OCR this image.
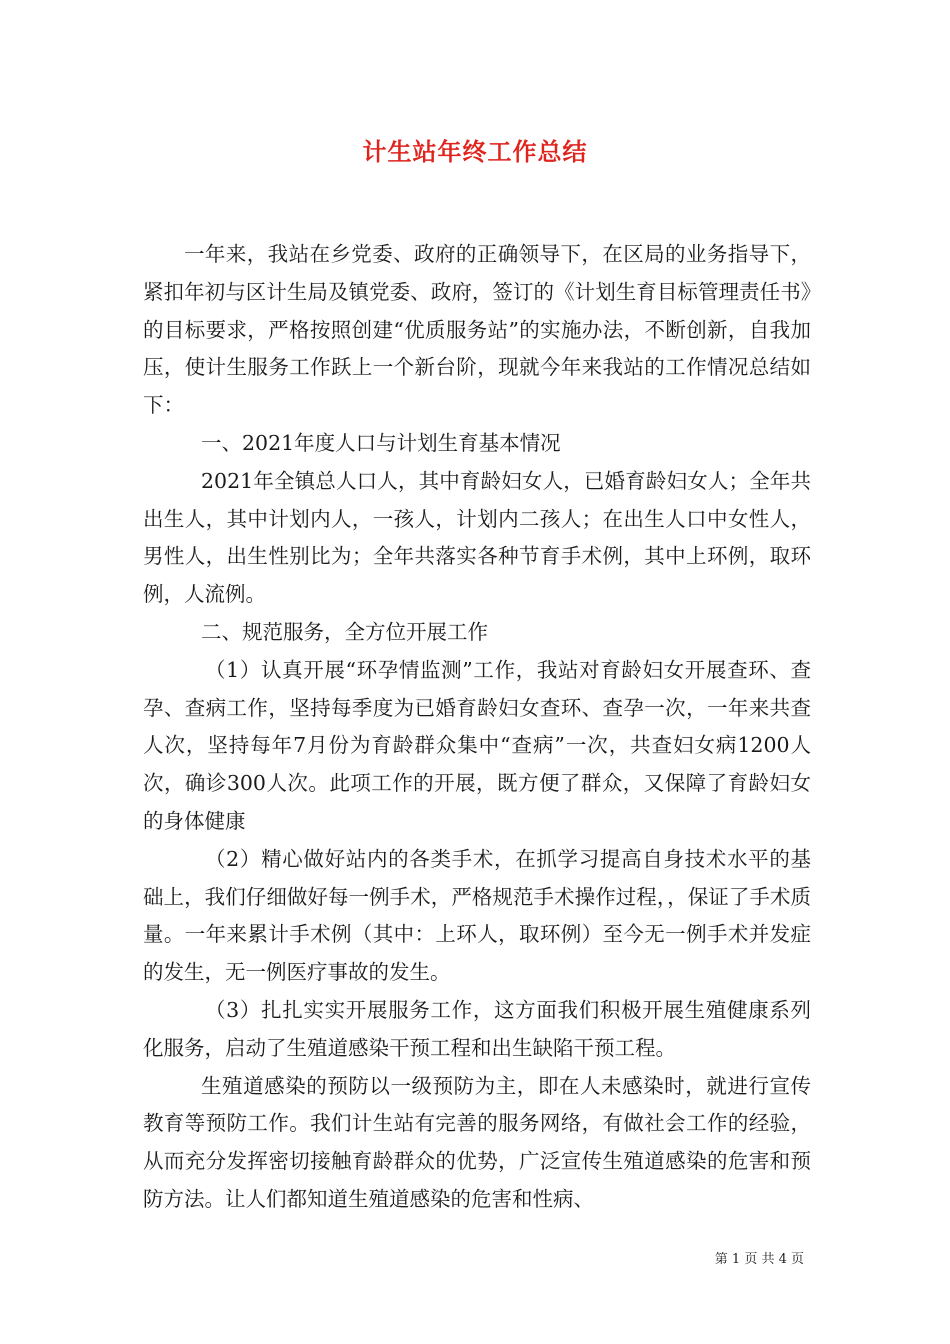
计生站年终工作总结

一年来，我站在乡党委、政府的正确领导下，在区局的业务指导下，紧扣年初与区计生局及镇党委、政府，签订的《计划生育目标管理责任书》的目标要求，严格按照创建“优质服务站”的实施办法，不断创新，自我加压，使计生服务工作跃上一个新台阶，现就今年来我站的工作情况总结如下：

一、2021年度人口与计划生育基本情况

2021年全镇总人口人，其中育龄妇女人，已婚育龄妇女人；全年共出生人，其中计划内人，一孩人，计划内二孩人；在出生人口中女性人，男性人，出生性别比为；全年共落实各种节育手术例，其中上环例，取环例，人流例。

二、规范服务，全方位开展工作

（1）认真开展“环孕情监测”工作，我站对育龄妇女开展查环、查孕、查病工作，坚持每季度为已婚育龄妇女查环、查孕一次，一年来共查人次，坚持每年7月份为育龄群众集中“查病”一次，共查妇女病1200人次，确诊300人次。此项工作的开展，既方便了群众，又保障了育龄妇女的身体健康

（2）精心做好站内的各类手术，在抓学习提高自身技术水平的基础上，我们仔细做好每一例手术，严格规范手术操作过程，，保证了手术质量。一年来累计手术例（其中：上环人，取环例）至今无一例手术并发症的发生，无一例医疗事故的发生。

（3）扎扎实实开展服务工作，这方面我们积极开展生殖健康系列化服务，启动了生殖道感染干预工程和出生缺陷干预工程。

生殖道感染的预防以一级预防为主，即在人未感染时，就进行宣传教育等预防工作。我们计生站有完善的服务网络，有做社会工作的经验，从而充分发挥密切接触育龄群众的优势，广泛宣传生殖道感染的危害和预防方法。让人们都知道生殖道感染的危害和性病、

第 1 页 共 4 页
